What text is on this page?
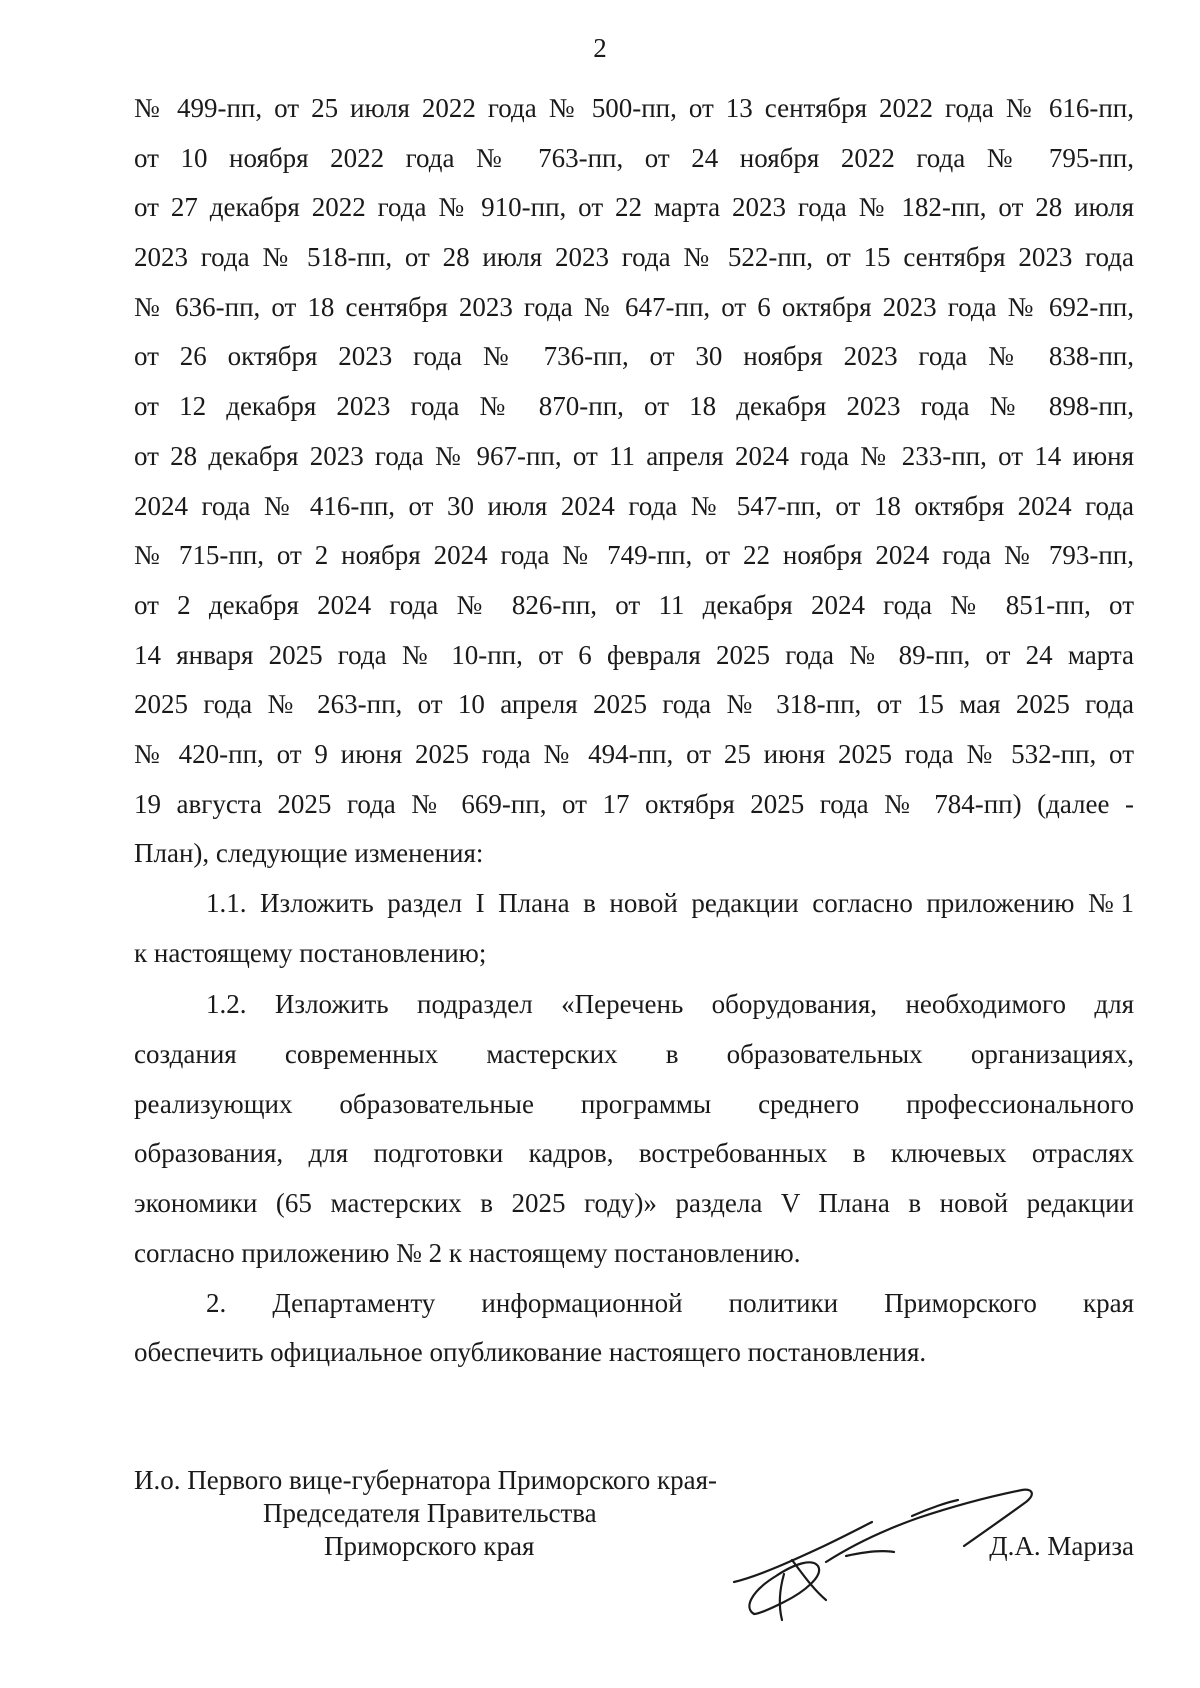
2
№ 499-пп, от 25 июля 2022 года № 500-пп, от 13 сентября 2022 года № 616-пп,
от 10 ноября 2022 года № 763-пп, от 24 ноября 2022 года № 795-пп,
от 27 декабря 2022 года № 910-пп, от 22 марта 2023 года № 182-пп, от 28 июля
2023 года № 518-пп, от 28 июля 2023 года № 522-пп, от 15 сентября 2023 года
№ 636-пп, от 18 сентября 2023 года № 647-пп, от 6 октября 2023 года № 692-пп,
от 26 октября 2023 года № 736-пп, от 30 ноября 2023 года № 838-пп,
от 12 декабря 2023 года № 870-пп, от 18 декабря 2023 года № 898-пп,
от 28 декабря 2023 года № 967-пп, от 11 апреля 2024 года № 233-пп, от 14 июня
2024 года № 416-пп, от 30 июля 2024 года № 547-пп, от 18 октября 2024 года
№ 715-пп, от 2 ноября 2024 года № 749-пп, от 22 ноября 2024 года № 793-пп,
от 2 декабря 2024 года № 826-пп, от 11 декабря 2024 года № 851-пп, от
14 января 2025 года № 10-пп, от 6 февраля 2025 года № 89-пп, от 24 марта
2025 года № 263-пп, от 10 апреля 2025 года № 318-пп, от 15 мая 2025 года
№ 420-пп, от 9 июня 2025 года № 494-пп, от 25 июня 2025 года № 532-пп, от
19 августа 2025 года № 669-пп, от 17 октября 2025 года № 784-пп) (далее -
План), следующие изменения:
1.1. Изложить раздел I Плана в новой редакции согласно приложению №1
к настоящему постановлению;
1.2. Изложить подраздел «Перечень оборудования, необходимого для
создания современных мастерских в образовательных организациях,
реализующих образовательные программы среднего профессионального
образования, для подготовки кадров, востребованных в ключевых отраслях
экономики (65 мастерских в 2025 году)» раздела V Плана в новой редакции
согласно приложению № 2 к настоящему постановлению.
2. Департаменту информационной политики Приморского края
обеспечить официальное опубликование настоящего постановления.
И.о. Первого вице-губернатора Приморского края-
Председателя Правительства
Приморского края	Д.А. Мариза
